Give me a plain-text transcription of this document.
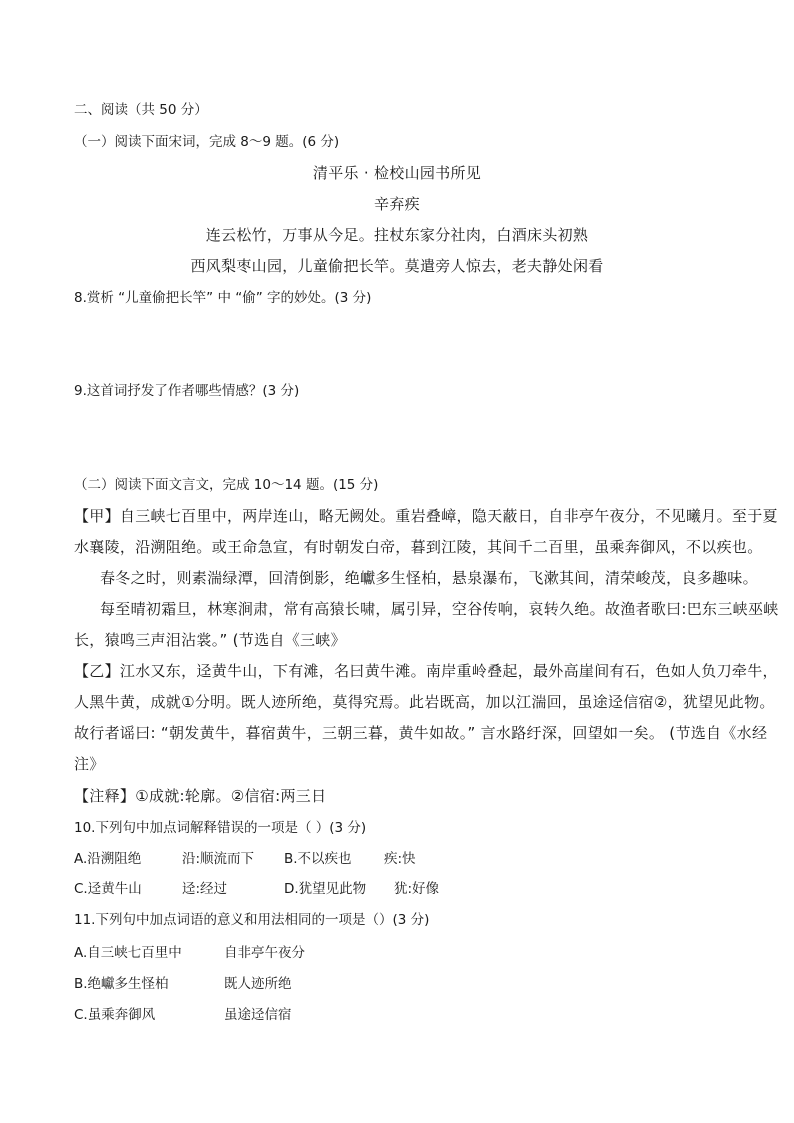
二、阅读（共 50 分）
（一）阅读下面宋词，完成 8～9 题。(6 分)
清平乐 · 检校山园书所见
辛弃疾
连云松竹，万事从今足。拄杖东家分社肉，白酒床头初熟
西风梨枣山园，儿童偷把长竿。莫遣旁人惊去，老夫静处闲看
8.赏析 “儿童偷把长竿” 中 “偷” 字的妙处。(3 分)
9.这首词抒发了作者哪些情感？(3 分)
（二）阅读下面文言文，完成 10～14 题。(15 分)
【甲】自三峡七百里中，两岸连山，略无阙处。重岩叠嶂，隐天蔽日，自非亭午夜分，不见曦月。至于夏
水襄陵，沿溯阻绝。或王命急宣，有时朝发白帝，暮到江陵，其间千二百里，虽乘奔御风，不以疾也。
春冬之时，则素湍绿潭，回清倒影，绝巘多生怪柏，悬泉瀑布，飞漱其间，清荣峻茂，良多趣味。
每至晴初霜旦，林寒涧肃，常有高猿长啸，属引异，空谷传响，哀转久绝。故渔者歌曰:巴东三峡巫峡
长，猿鸣三声泪沾裳。” (节选自《三峡》
【乙】江水又东，迳黄牛山，下有滩，名曰黄牛滩。南岸重岭叠起，最外高崖间有石，色如人负刀牵牛，
人黑牛黄，成就①分明。既人迹所绝，莫得究焉。此岩既高，加以江湍回，虽途迳信宿②，犹望见此物。
故行者谣曰: “朝发黄牛，暮宿黄牛，三朝三暮，黄牛如故。” 言水路纡深，回望如一矣。 (节选自《水经
注》
【注释】①成就:轮廓。②信宿:两三日
10.下列句中加点词解释错误的一项是（ ）(3 分)
A.沿溯阻绝	沿:顺流而下 B.不以疾也 疾:快
C.迳黄牛山	迳:经过	D.犹望见此物 犹:好像
11.下列句中加点词语的意义和用法相同的一项是（）(3 分)
A.自三峡七百里中	自非亭午夜分
B.绝巘多生怪柏	既人迹所绝
C.虽乘奔御风	虽途迳信宿
